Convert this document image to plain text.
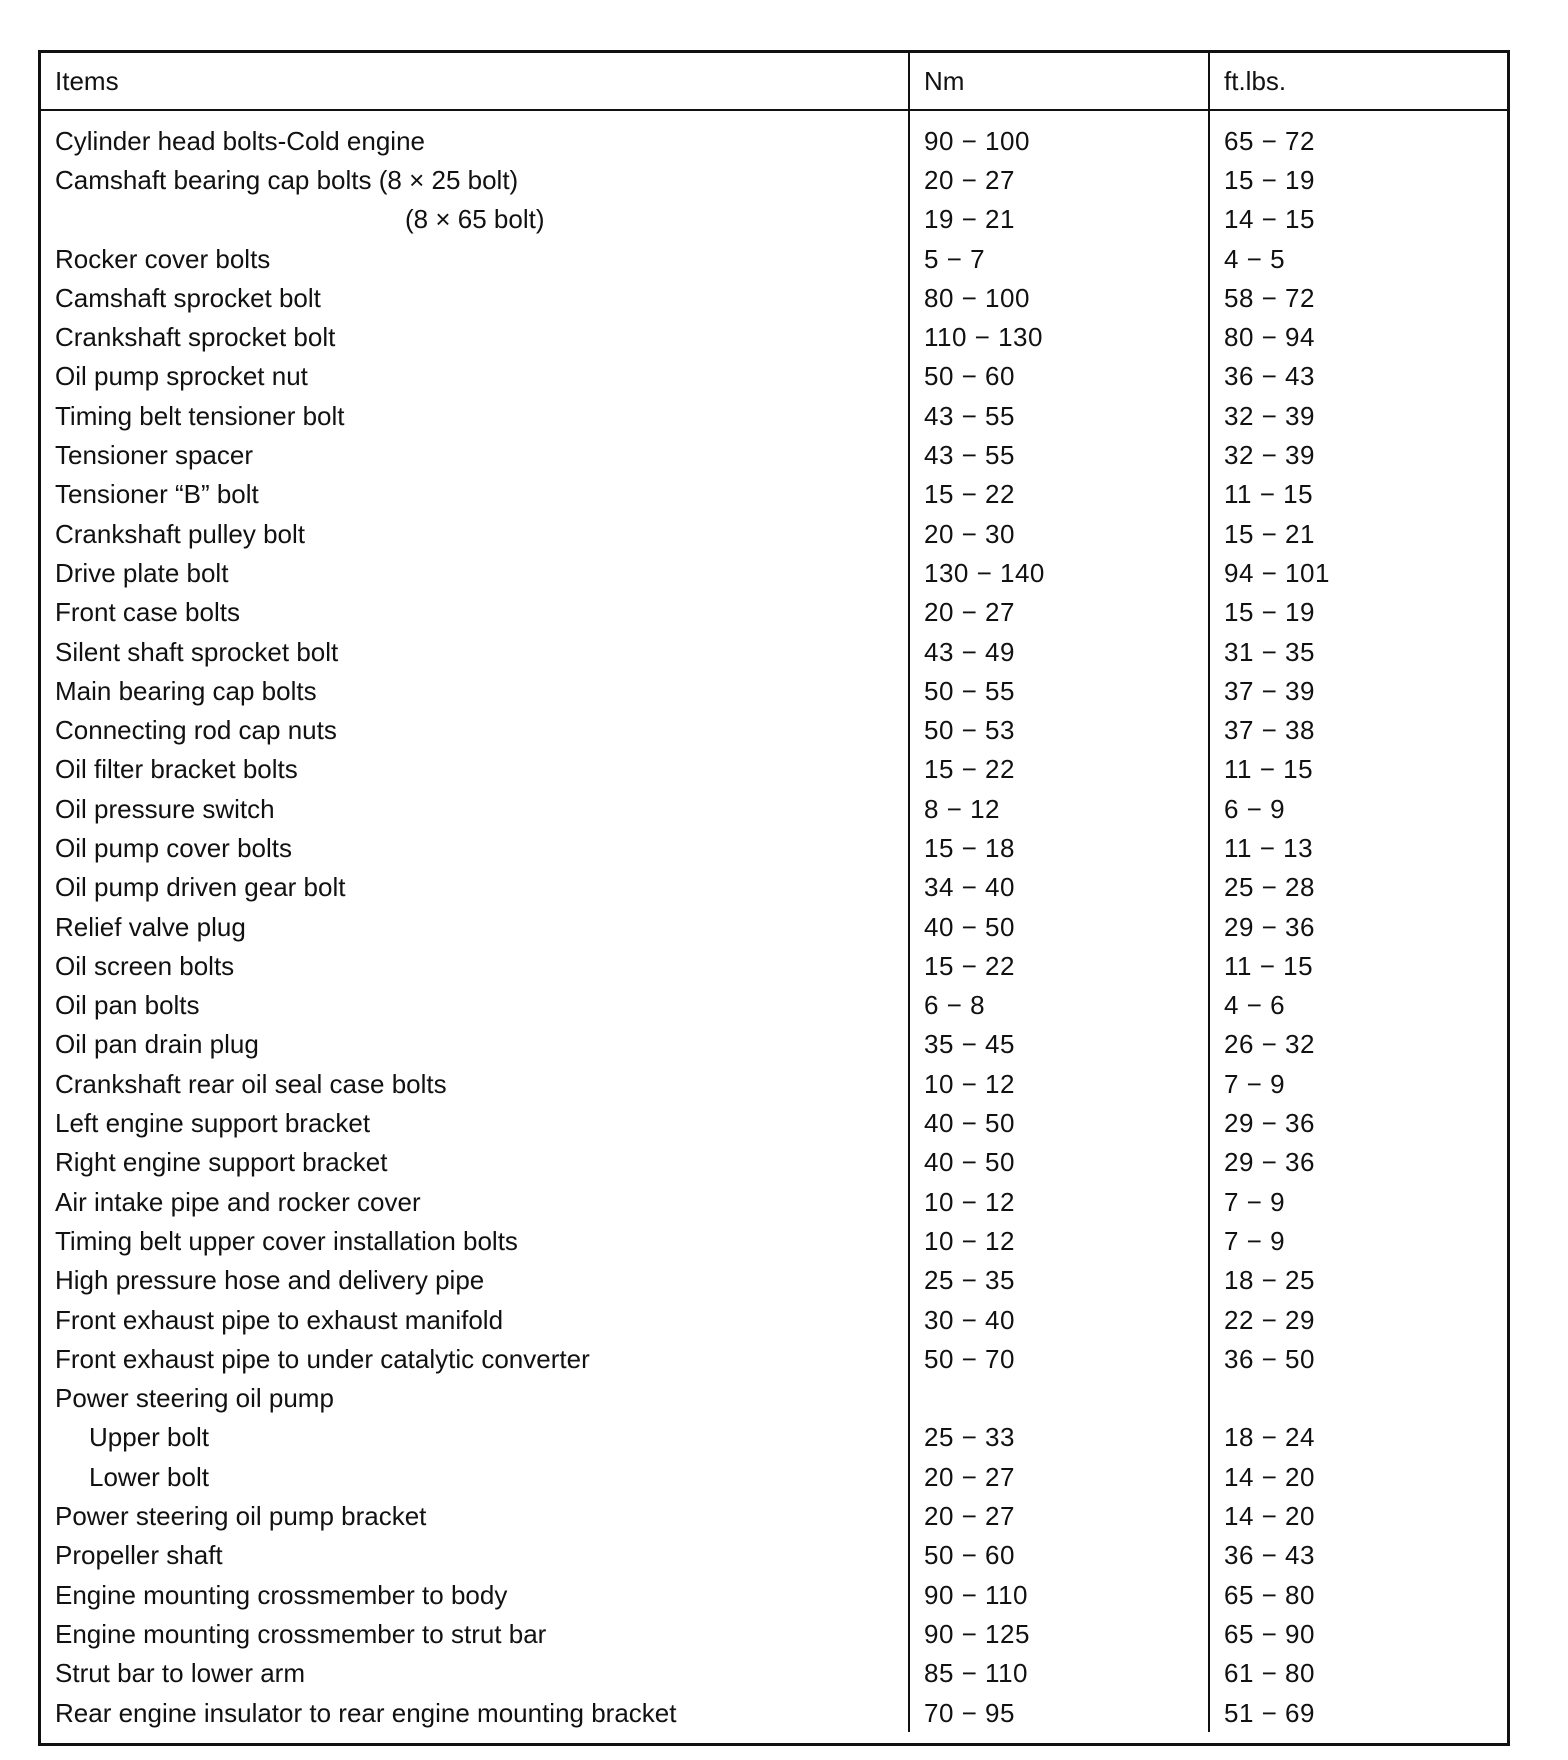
Items	Nm	ft.lbs.
Cylinder head bolts-Cold engine	90 − 100	65 − 72
Camshaft bearing cap bolts (8 × 25 bolt)	20 − 27	15 − 19
(8 × 65 bolt)	19 − 21	14 − 15
Rocker cover bolts	5 − 7	4 − 5
Camshaft sprocket bolt	80 − 100	58 − 72
Crankshaft sprocket bolt	110 − 130	80 − 94
Oil pump sprocket nut	50 − 60	36 − 43
Timing belt tensioner bolt	43 − 55	32 − 39
Tensioner spacer	43 − 55	32 − 39
Tensioner “B” bolt	15 − 22	11 − 15
Crankshaft pulley bolt	20 − 30	15 − 21
Drive plate bolt	130 − 140	94 − 101
Front case bolts	20 − 27	15 − 19
Silent shaft sprocket bolt	43 − 49	31 − 35
Main bearing cap bolts	50 − 55	37 − 39
Connecting rod cap nuts	50 − 53	37 − 38
Oil filter bracket bolts	15 − 22	11 − 15
Oil pressure switch	8 − 12	6 − 9
Oil pump cover bolts	15 − 18	11 − 13
Oil pump driven gear bolt	34 − 40	25 − 28
Relief valve plug	40 − 50	29 − 36
Oil screen bolts	15 − 22	11 − 15
Oil pan bolts	6 − 8	4 − 6
Oil pan drain plug	35 − 45	26 − 32
Crankshaft rear oil seal case bolts	10 − 12	7 − 9
Left engine support bracket	40 − 50	29 − 36
Right engine support bracket	40 − 50	29 − 36
Air intake pipe and rocker cover	10 − 12	7 − 9
Timing belt upper cover installation bolts	10 − 12	7 − 9
High pressure hose and delivery pipe	25 − 35	18 − 25
Front exhaust pipe to exhaust manifold	30 − 40	22 − 29
Front exhaust pipe to under catalytic converter	50 − 70	36 − 50
Power steering oil pump		
Upper bolt	25 − 33	18 − 24
Lower bolt	20 − 27	14 − 20
Power steering oil pump bracket	20 − 27	14 − 20
Propeller shaft	50 − 60	36 − 43
Engine mounting crossmember to body	90 − 110	65 − 80
Engine mounting crossmember to strut bar	90 − 125	65 − 90
Strut bar to lower arm	85 − 110	61 − 80
Rear engine insulator to rear engine mounting bracket	70 − 95	51 − 69
